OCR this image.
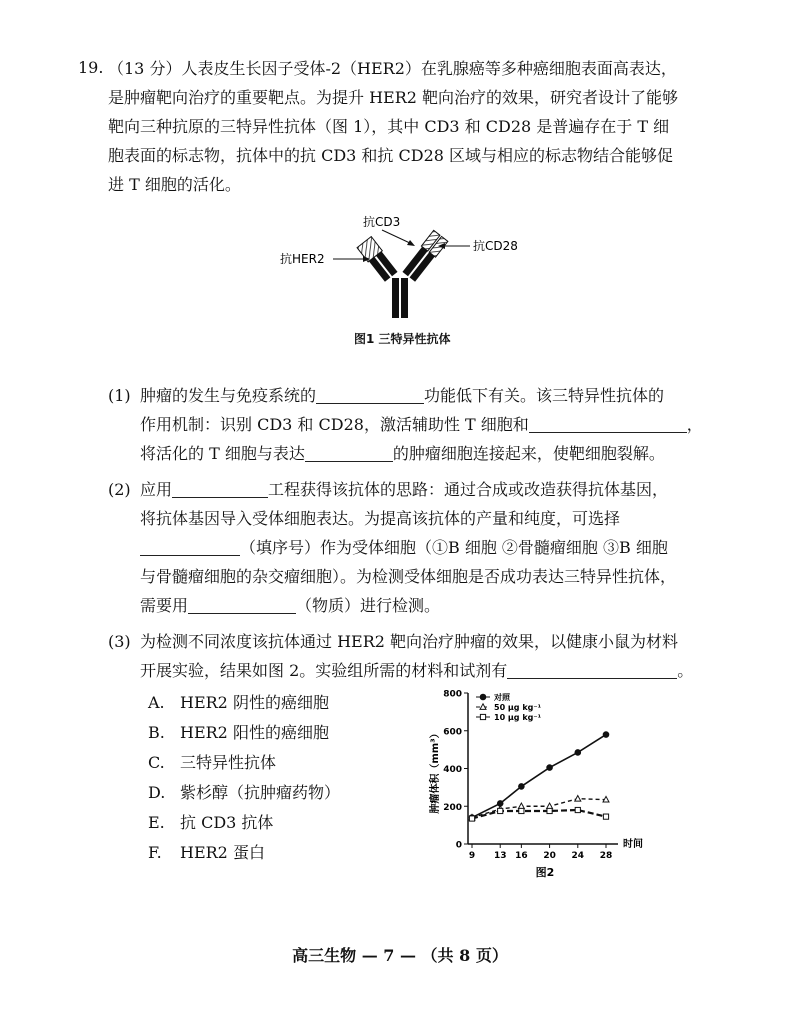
19. （13 分）人表皮生长因子受体-2（HER2）在乳腺癌等多种癌细胞表面高表达，

是肿瘤靶向治疗的重要靶点。为提升 HER2 靶向治疗的效果，研究者设计了能够

靶向三种抗原的三特异性抗体（图 1），其中 CD3 和 CD28 是普遍存在于 T 细

胞表面的标志物，抗体中的抗 CD3 和抗 CD28 区域与相应的标志物结合能够促

进 T 细胞的活化。

抗CD3
抗HER2
抗CD28
图1 三特异性抗体
(1) 肿瘤的发生与免疫系统的	功能低下有关。该三特异性抗体的

作用机制：识别 CD3 和 CD28，激活辅助性 T 细胞和	，

将活化的 T 细胞与表达	的肿瘤细胞连接起来，使靶细胞裂解。

(2) 应用	工程获得该抗体的思路：通过合成或改造获得抗体基因，

将抗体基因导入受体细胞表达。为提高该抗体的产量和纯度，可选择

（填序号）作为受体细胞（①B 细胞 ②骨髓瘤细胞 ③B 细胞

与骨髓瘤细胞的杂交瘤细胞）。为检测受体细胞是否成功表达三特异性抗体，

需要用	（物质）进行检测。

(3) 为检测不同浓度该抗体通过 HER2 靶向治疗肿瘤的效果，以健康小鼠为材料

开展实验，结果如图 2。实验组所需的材料和试剂有	。

A. HER2 阴性的癌细胞
B. HER2 阳性的癌细胞
C. 三特异性抗体
D. 紫杉醇（抗肿瘤药物）
E. 抗 CD3 抗体
F. HER2 蛋白
肿瘤体积（mm³）
时间
图2
对照
50 μg kg⁻¹
10 μg kg⁻¹
0
200
400
600
800
9 13 16 20 24 28
高三生物 — 7 — （共 8 页）
